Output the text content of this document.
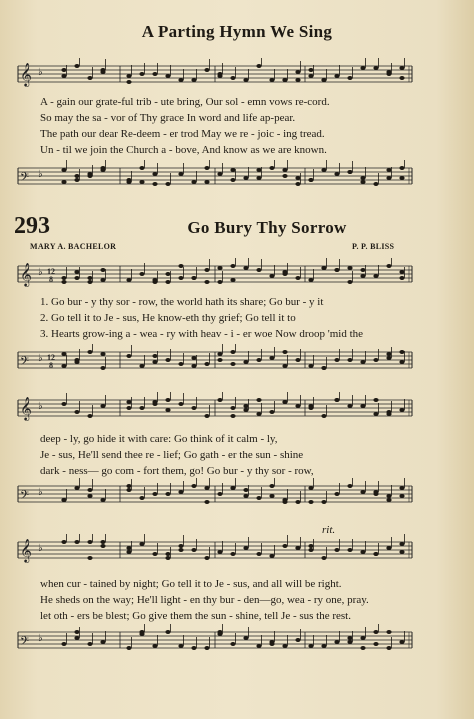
A Parting Hymn We Sing
𝄞 ♭

A - gain our grate-ful trib - ute bring, Our sol - emn vows re-cord.

So may the sa - vor of Thy grace In word and life ap-pear.

The path our dear Re-deem - er trod May we re - joic - ing tread.

Un - til we join the Church a - bove, And know as we are known.

𝄢 ♭
293	Go Bury Thy Sorrow
MARY A. BACHELOR	P. P. BLISS
𝄞 ♭ 12
8

1. Go bur - y thy sor - row, the world hath its share; Go bur - y it

2. Go tell it to Je - sus, He know-eth thy grief; Go tell it to

3. Hearts grow-ing a - wea - ry with heav - i - er woe Now droop 'mid the

𝄢 ♭ 12
8
𝄞 ♭

deep - ly, go hide it with care: Go think of it calm - ly,

Je - sus, He'll send thee re - lief; Go gath - er the sun - shine

dark - ness— go com - fort them, go! Go bur - y thy sor - row,

𝄢 ♭
rit.
𝄞 ♭

when cur - tained by night; Go tell it to Je - sus, and all will be right.

He sheds on the way; He'll light - en thy bur - den—go, wea - ry one, pray.

let oth - ers be blest; Go give them the sun - shine, tell Je - sus the rest.

𝄢 ♭
